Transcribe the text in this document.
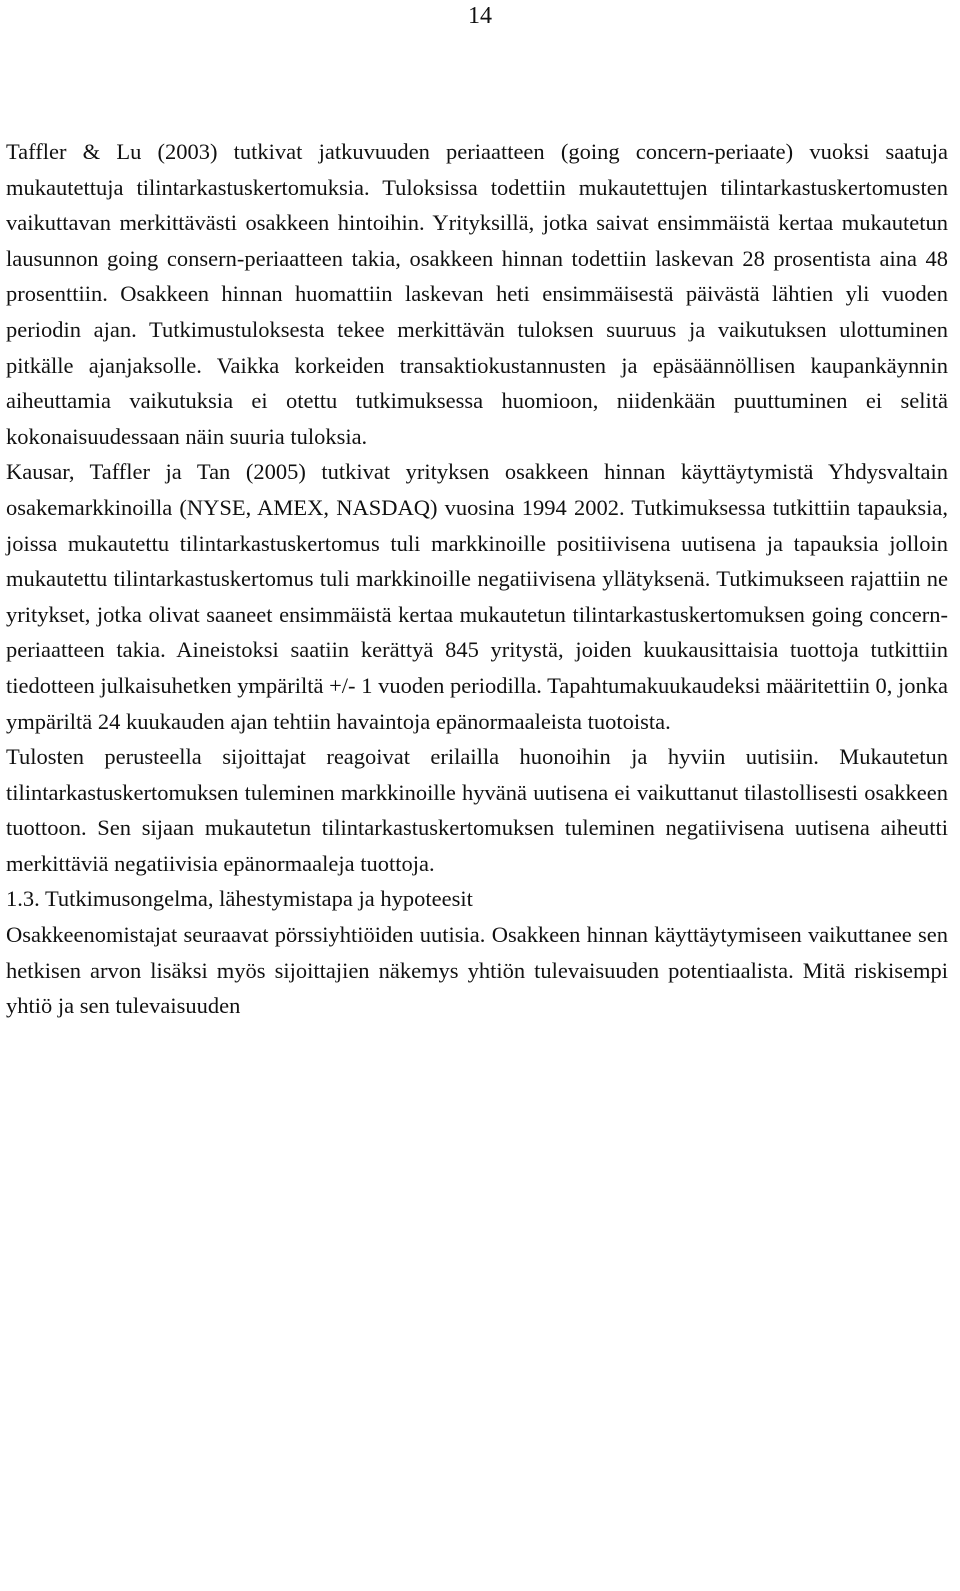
14

Taffler & Lu (2003) tutkivat jatkuvuuden periaatteen (going concern-periaate) vuoksi saatuja mukautettuja tilintarkastuskertomuksia. Tuloksissa todettiin mukautettujen tilintarkastuskertomusten vaikuttavan merkittävästi osakkeen hintoihin. Yrityksillä, jotka saivat ensimmäistä kertaa mukautetun lausunnon going consern-periaatteen takia, osakkeen hinnan todettiin laskevan 28 prosentista aina 48 prosenttiin. Osakkeen hinnan huomattiin laskevan heti ensimmäisestä päivästä lähtien yli vuoden periodin ajan. Tutkimustuloksesta tekee merkittävän tuloksen suuruus ja vaikutuksen ulottuminen pitkälle ajanjaksolle. Vaikka korkeiden transaktiokustannusten ja epäsäännöllisen kaupankäynnin aiheuttamia vaikutuksia ei otettu tutkimuksessa huomioon, niidenkään puuttuminen ei selitä kokonaisuudessaan näin suuria tuloksia.

Kausar, Taffler ja Tan (2005) tutkivat yrityksen osakkeen hinnan käyttäytymistä Yhdysvaltain osakemarkkinoilla (NYSE, AMEX, NASDAQ) vuosina 1994 2002. Tutkimuksessa tutkittiin tapauksia, joissa mukautettu tilintarkastuskertomus tuli markkinoille positiivisena uutisena ja tapauksia jolloin mukautettu tilintarkastuskertomus tuli markkinoille negatiivisena yllätyksenä. Tutkimukseen rajattiin ne yritykset, jotka olivat saaneet ensimmäistä kertaa mukautetun tilintarkastuskertomuksen going concern-periaatteen takia. Aineistoksi saatiin kerättyä 845 yritystä, joiden kuukausittaisia tuottoja tutkittiin tiedotteen julkaisuhetken ympäriltä +/- 1 vuoden periodilla. Tapahtumakuukaudeksi määritettiin 0, jonka ympäriltä 24 kuukauden ajan tehtiin havaintoja epänormaaleista tuotoista.

Tulosten perusteella sijoittajat reagoivat erilailla huonoihin ja hyviin uutisiin. Mukautetun tilintarkastuskertomuksen tuleminen markkinoille hyvänä uutisena ei vaikuttanut tilastollisesti osakkeen tuottoon. Sen sijaan mukautetun tilintarkastuskertomuksen tuleminen negatiivisena uutisena aiheutti merkittäviä negatiivisia epänormaaleja tuottoja.

1.3. Tutkimusongelma, lähestymistapa ja hypoteesit

Osakkeenomistajat seuraavat pörssiyhtiöiden uutisia. Osakkeen hinnan käyttäytymiseen vaikuttanee sen hetkisen arvon lisäksi myös sijoittajien näkemys yhtiön tulevaisuuden potentiaalista. Mitä riskisempi yhtiö ja sen tulevaisuuden
